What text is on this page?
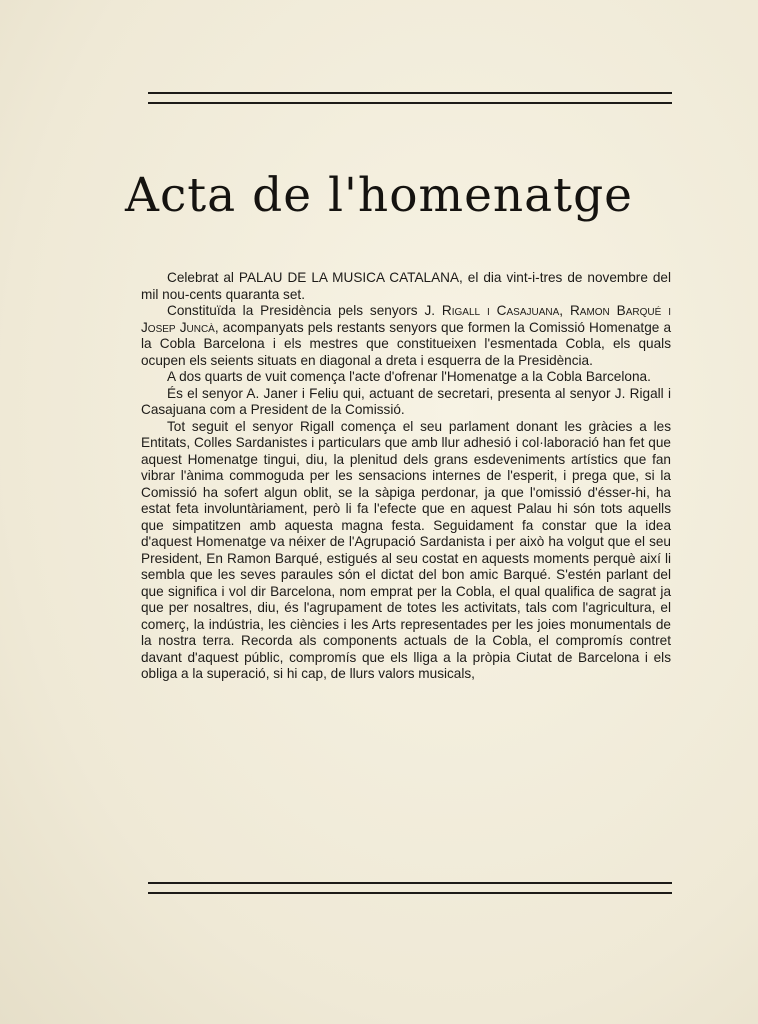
Acta de l'homenatge

Celebrat al PALAU DE LA MUSICA CATALANA, el dia vint-i-tres de novembre del mil nou-cents quaranta set.

Constituïda la Presidència pels senyors J. Rigall i Casajuana, Ramon Barqué i Josep Juncà, acompanyats pels restants senyors que formen la Comissió Homenatge a la Cobla Barcelona i els mestres que constitueixen l'esmentada Cobla, els quals ocupen els seients situats en diagonal a dreta i esquerra de la Presidència.

A dos quarts de vuit comença l'acte d'ofrenar l'Homenatge a la Cobla Barcelona.

És el senyor A. Janer i Feliu qui, actuant de secretari, presenta al senyor J. Rigall i Casajuana com a President de la Comissió.

Tot seguit el senyor Rigall comença el seu parlament donant les gràcies a les Entitats, Colles Sardanistes i particulars que amb llur adhesió i col·laboració han fet que aquest Homenatge tingui, diu, la plenitud dels grans esdeveniments artístics que fan vibrar l'ànima commoguda per les sensacions internes de l'esperit, i prega que, si la Comissió ha sofert algun oblit, se la sàpiga perdonar, ja que l'omissió d'ésser-hi, ha estat feta involuntàriament, però li fa l'efecte que en aquest Palau hi són tots aquells que simpatitzen amb aquesta magna festa. Seguidament fa constar que la idea d'aquest Homenatge va néixer de l'Agrupació Sardanista i per això ha volgut que el seu President, En Ramon Barqué, estigués al seu costat en aquests moments perquè així li sembla que les seves paraules són el dictat del bon amic Barqué. S'estén parlant del que significa i vol dir Barcelona, nom emprat per la Cobla, el qual qualifica de sagrat ja que per nosaltres, diu, és l'agrupament de totes les activitats, tals com l'agricultura, el comerç, la indústria, les ciències i les Arts representades per les joies monumentals de la nostra terra. Recorda als components actuals de la Cobla, el compromís contret davant d'aquest públic, compromís que els lliga a la pròpia Ciutat de Barcelona i els obliga a la superació, si hi cap, de llurs valors musicals,
